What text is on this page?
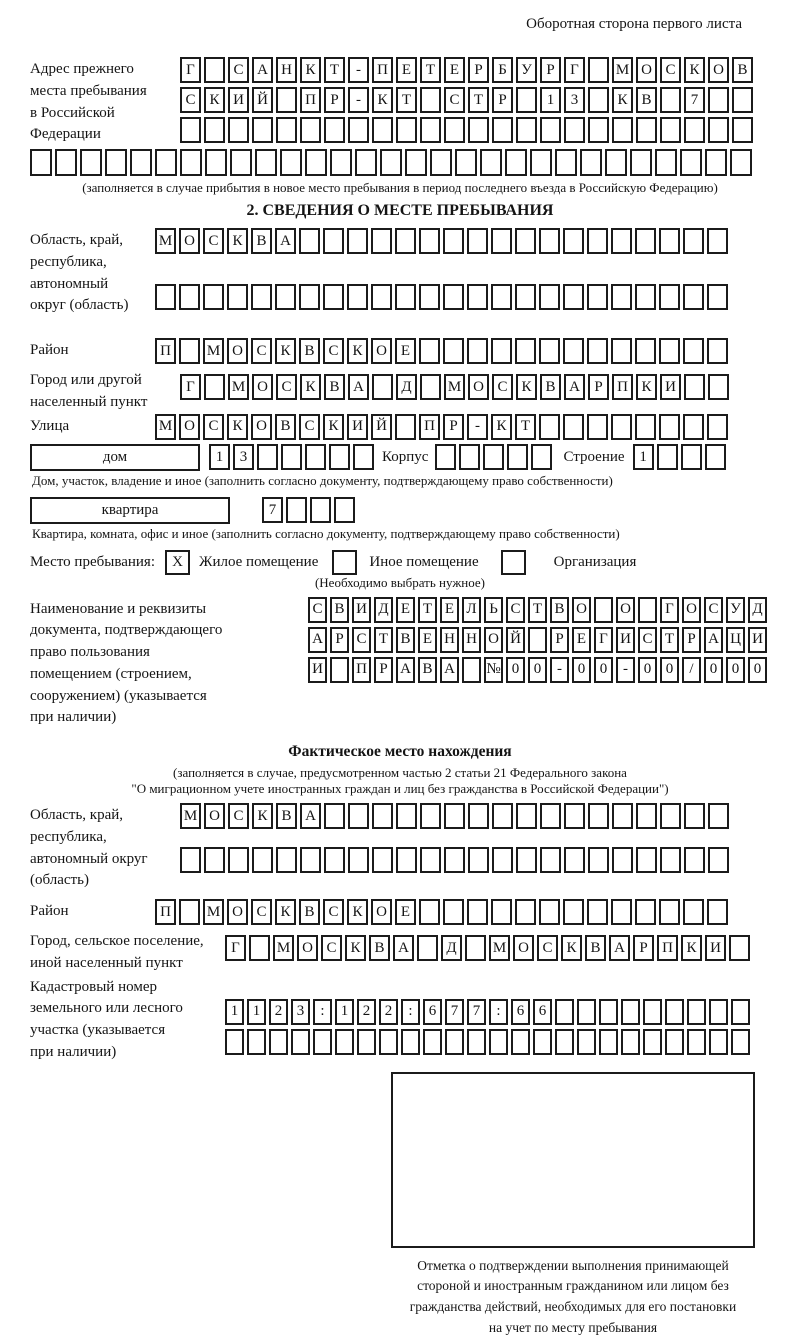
Оборотная сторона первого листа
Адрес прежнего
места пребывания
в Российской
Федерации
Г	С А Н К Т	-	П Е Т Е	Р	Б У Р	Г	М О С К О В
С К И Й	П Р	-	К Т	С Т	Р	1	3	К В	7
(заполняется в случае прибытия в новое место пребывания в период последнего въезда в Российскую Федерацию)
2. СВЕДЕНИЯ О МЕСТЕ ПРЕБЫВАНИЯ
Область, край,
республика,
автономный
округ (область)
М О С К В А
Район	П	М О С К В С К О Е
Город или другой
населенный пункт
Г	М О С К В А	Д	М О С К В А Р П К И
Улица	М О С К О В С К И Й	П Р	-	К Т
дом	1	3	Корпус	Строение 1
Дом, участок, владение и иное (заполнить согласно документу, подтверждающему право собственности)
квартира	7
Квартира, комната, офис и иное (заполнить согласно документу, подтверждающему право собственности)
Место пребывания:	X	Жилое помещение	Иное помещение	Организация
(Необходимо выбрать нужное)
Наименование и реквизиты
документа, подтверждающего
право пользования
помещением (строением,
сооружением) (указывается
при наличии)
С В И Д Е Т Е Л Ь С Т В О О	Г О С У Д
А Р С Т В Е Н Н О Й	Р Е Г И С Т Р А Ц И
И П Р А В А № 0 0	-	0 0	-	0 0	/	0 0 0
Фактическое место нахождения
(заполняется в случае, предусмотренном частью 2 статьи 21 Федерального закона
"О миграционном учете иностранных граждан и лиц без гражданства в Российской Федерации")
Область, край,
республика,
автономный округ
(область)
М О С К В А
Район	П	М О С К В С К О Е
Город, сельское поселение,
иной населенный пункт
Г	М О С К В А	Д	М О С К В А Р П К И
Кадастровый номер
земельного или лесного
участка (указывается
при наличии)
1 1 2 3	:	1 2 2	:	6 7 7	:	6 6
Отметка о подтверждении выполнения принимающей
стороной и иностранным гражданином или лицом без
гражданства действий, необходимых для его постановки
на учет по месту пребывания
